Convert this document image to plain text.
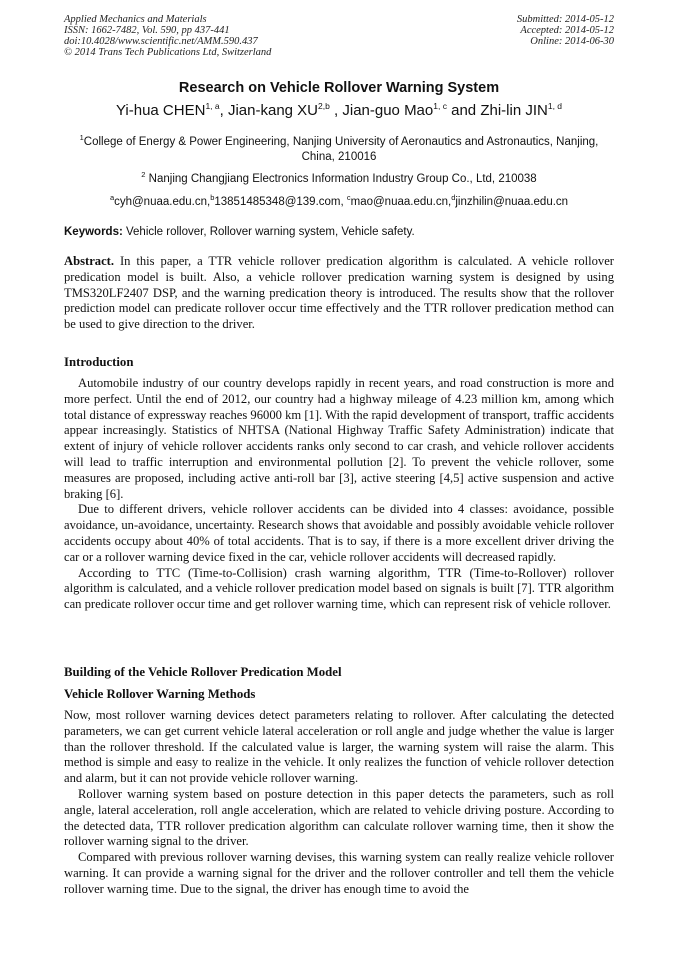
Applied Mechanics and Materials
ISSN: 1662-7482, Vol. 590, pp 437-441
doi:10.4028/www.scientific.net/AMM.590.437
© 2014 Trans Tech Publications Ltd, Switzerland
Submitted: 2014-05-12
Accepted: 2014-05-12
Online: 2014-06-30
Research on Vehicle Rollover Warning System
Yi-hua CHEN$^{1, a}$, Jian-kang XU$^{2,b}$ , Jian-guo Mao$^{1, c}$ and Zhi-lin JIN$^{1, d}$
$^1$College of Energy & Power Engineering, Nanjing University of Aeronautics and Astronautics, Nanjing, China, 210016
$^2$ Nanjing Changjiang Electronics Information Industry Group Co., Ltd, 210038
$^a$cyh@nuaa.edu.cn,$^b$13851485348@139.com, $^c$mao@nuaa.edu.cn,$^d$jinzhilin@nuaa.edu.cn
Keywords: Vehicle rollover, Rollover warning system, Vehicle safety.

Abstract. In this paper, a TTR vehicle rollover predication algorithm is calculated. A vehicle rollover predication model is built. Also, a vehicle rollover predication warning system is designed by using TMS320LF2407 DSP, and the warning predication theory is introduced. The results show that the rollover prediction model can predicate rollover occur time effectively and the TTR rollover predication method can be used to give direction to the driver.

Introduction

Automobile industry of our country develops rapidly in recent years, and road construction is more and more perfect. Until the end of 2012, our country had a highway mileage of 4.23 million km, among which total distance of expressway reaches 96000 km [1]. With the rapid development of transport, traffic accidents appear increasingly. Statistics of NHTSA (National Highway Traffic Safety Administration) indicate that extent of injury of vehicle rollover accidents ranks only second to car crash, and vehicle rollover accidents will lead to traffic interruption and environmental pollution [2]. To prevent the vehicle rollover, some measures are proposed, including active anti-roll bar [3], active steering [4,5] active suspension and active braking [6].

Due to different drivers, vehicle rollover accidents can be divided into 4 classes: avoidance, possible avoidance, un-avoidance, uncertainty. Research shows that avoidable and possibly avoidable vehicle rollover accidents occupy about 40% of total accidents. That is to say, if there is a more excellent driver driving the car or a rollover warning device fixed in the car, vehicle rollover accidents will decreased rapidly.

According to TTC (Time-to-Collision) crash warning algorithm, TTR (Time-to-Rollover) rollover algorithm is calculated, and a vehicle rollover predication model based on signals is built [7]. TTR algorithm can predicate rollover occur time and get rollover warning time, which can represent risk of vehicle rollover.

Building of the Vehicle Rollover Predication Model
Vehicle Rollover Warning Methods

Now, most rollover warning devices detect parameters relating to rollover. After calculating the detected parameters, we can get current vehicle lateral acceleration or roll angle and judge whether the value is larger than the rollover threshold. If the calculated value is larger, the warning system will raise the alarm. This method is simple and easy to realize in the vehicle. It only realizes the function of vehicle rollover detection and alarm, but it can not provide vehicle rollover warning.

Rollover warning system based on posture detection in this paper detects the parameters, such as roll angle, lateral acceleration, roll angle acceleration, which are related to vehicle driving posture. According to the detected data, TTR rollover predication algorithm can calculate rollover warning time, then it show the rollover warning signal to the driver.

Compared with previous rollover warning devises, this warning system can really realize vehicle rollover warning. It can provide a warning signal for the driver and the rollover controller and tell them the vehicle rollover warning time. Due to the signal, the driver has enough time to avoid the
